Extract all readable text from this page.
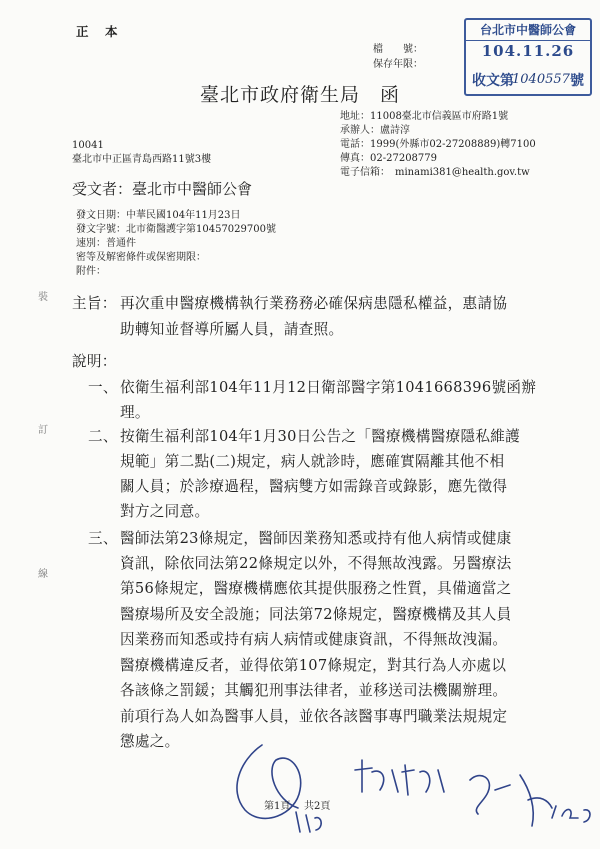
正　本
檔　　號：
保存年限：
台北市中醫師公會
104.11.26
收文第
1040557 號
臺北市政府衛生局　函
地址：11008臺北市信義區市府路1號
承辦人：盧詩淳
電話：1999(外縣市02-27208889)轉7100
傳真：02-27208779
電子信箱：　minami381@health.gov.tw
10041
臺北市中正區青島西路11號3樓
受文者：臺北市中醫師公會
發文日期：中華民國104年11月23日
發文字號：北市衛醫護字第10457029700號
速別：普通件
密等及解密條件或保密期限：
附件：
裝
訂
線
主旨： 再次重申醫療機構執行業務務必確保病患隱私權益，惠請協
助轉知並督導所屬人員，請查照。
說明：
一、 依衛生福利部104年11月12日衛部醫字第1041668396號函辦
理。
二、 按衛生福利部104年1月30日公告之「醫療機構醫療隱私維護
規範」第二點(二)規定，病人就診時，應確實隔離其他不相
關人員；於診療過程，醫病雙方如需錄音或錄影，應先徵得
對方之同意。
三、 醫師法第23條規定，醫師因業務知悉或持有他人病情或健康
資訊，除依同法第22條規定以外，不得無故洩露。另醫療法
第56條規定，醫療機構應依其提供服務之性質，具備適當之
醫療場所及安全設施；同法第72條規定，醫療機構及其人員
因業務而知悉或持有病人病情或健康資訊，不得無故洩漏。
醫療機構違反者，並得依第107條規定，對其行為人亦處以
各該條之罰鍰；其觸犯刑事法律者，並移送司法機關辦理。
前項行為人如為醫事人員，並依各該醫事專門職業法規規定
懲處之。
第1頁 共2頁
